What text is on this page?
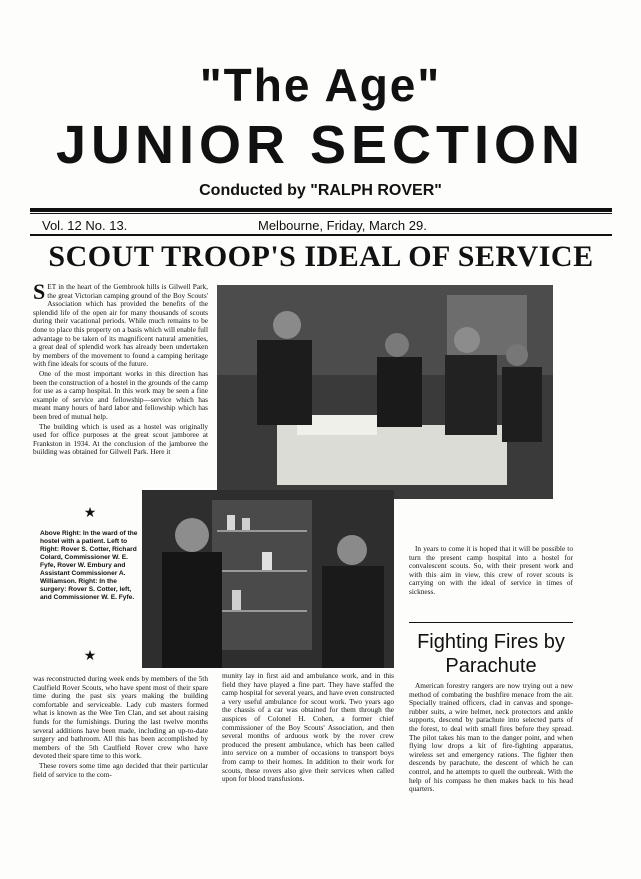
"The Age"
JUNIOR SECTION
Conducted by "RALPH ROVER"
Vol. 12 No. 13.	Melbourne, Friday, March 29.
SCOUT TROOP'S IDEAL OF SERVICE
S ET in the heart of the Gembrook hills is Gilwell Park, the great Victorian camping ground of the Boy Scouts' Association which has provided the benefits of the splendid life of the open air for many thousands of scouts during their vacational periods. While much remains to be done to place this property on a basis which will enable full advantage to be taken of its magnificent natural amenities, a great deal of splendid work has already been undertaken by members of the movement to found a camping heritage with fine ideals for scouts of the future.

One of the most important works in this direction has been the construction of a hostel in the grounds of the camp for use as a camp hospital. In this work may be seen a fine example of service and fellowship—service which has meant many hours of hard labor and fellowship which has been bred of mutual help.

The building which is used as a hostel was originally used for office purposes at the great scout jamboree at Frankston in 1934. At the conclusion of the jamboree the building was obtained for Gilwell Park. Here it

★
Above Right: In the ward of the hostel with a patient. Left to Right: Rover S. Cotter, Richard Colard, Commissioner W. E. Fyfe, Rover W. Embury and Assistant Commissioner A. Williamson. Right: In the surgery: Rover S. Cotter, left, and Commissioner W. E. Fyfe.
★

was reconstructed during week ends by members of the 5th Caulfield Rover Scouts, who have spent most of their spare time during the past six years making the building comfortable and serviceable. Lady cub masters formed what is known as the Wee Ten Clan, and set about raising funds for the furnishings. During the last twelve months several additions have been made, including an up-to-date surgery and bathroom. All this has been accomplished by members of the 5th Caulfield Rover crew who have devoted their spare time to this work.

These rovers some time ago decided that their particular field of service to the com-

munity lay in first aid and ambulance work, and in this field they have played a fine part. They have staffed the camp hospital for several years, and have even constructed a very useful ambulance for scout work. Two years ago the chassis of a car was obtained for them through the auspices of Colonel H. Cohen, a former chief commissioner of the Boy Scouts' Association, and then several months of arduous work by the rover crew produced the present ambulance, which has been called into service on a number of occasions to transport boys from camp to their homes. In addition to their work for scouts, these rovers also give their services when called upon for blood transfusions.

In years to come it is hoped that it will be possible to turn the present camp hospital into a hostel for convalescent scouts. So, with their present work and with this aim in view, this crew of rover scouts is carrying on with the ideal of service in times of sickness.

Fighting Fires by Parachute

American forestry rangers are now trying out a new method of combating the bushfire menace from the air. Specially trained officers, clad in canvas and sponge-rubber suits, a wire helmet, neck protectors and ankle supports, descend by parachute into selected parts of the forest, to deal with small fires before they spread. The pilot takes his man to the danger point, and when flying low drops a kit of fire-fighting apparatus, wireless set and emergency rations. The fighter then descends by parachute, the descent of which he can control, and he attempts to quell the outbreak. With the help of his compass he then makes back to his head quarters.
